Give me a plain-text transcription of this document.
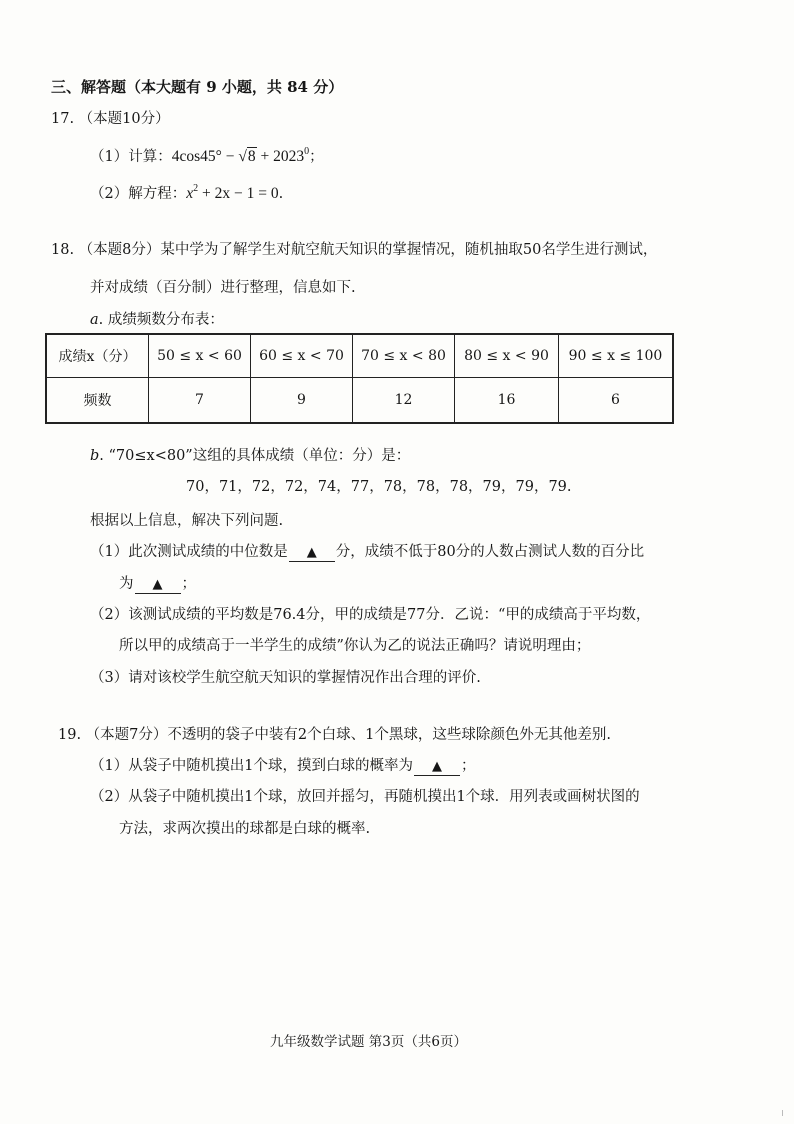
三、解答题（本大题有 9 小题，共 84 分）
17. （本题10分）
（1）计算：$4\cos 45^\circ - √8 + 2023^0$；
（2）解方程：$x^2 + 2x - 1 = 0$.
18. （本题8分）某中学为了解学生对航空航天知识的掌握情况，随机抽取50名学生进行测试，
并对成绩（百分制）进行整理，信息如下.
a. 成绩频数分布表：
成绩x（分）	50 ≤ x < 60	60 ≤ x < 70	70 ≤ x < 80	80 ≤ x < 90	90 ≤ x ≤ 100
频数	7	9	12	16	6
b. “70≤x<80”这组的具体成绩（单位：分）是：
70，71，72，72，74，77，78，78，78，79，79，79.
根据以上信息，解决下列问题.
（1）此次测试成绩的中位数是 ▲ 分，成绩不低于80分的人数占测试人数的百分比
为 ▲ ；
（2）该测试成绩的平均数是76.4分，甲的成绩是77分．乙说：“甲的成绩高于平均数，
所以甲的成绩高于一半学生的成绩”你认为乙的说法正确吗？请说明理由；
（3）请对该校学生航空航天知识的掌握情况作出合理的评价.
19. （本题7分）不透明的袋子中装有2个白球、1个黑球，这些球除颜色外无其他差别.
（1）从袋子中随机摸出1个球，摸到白球的概率为 ▲ ；
（2）从袋子中随机摸出1个球，放回并摇匀，再随机摸出1个球．用列表或画树状图的
方法，求两次摸出的球都是白球的概率.
九年级数学试题 第3页（共6页）
